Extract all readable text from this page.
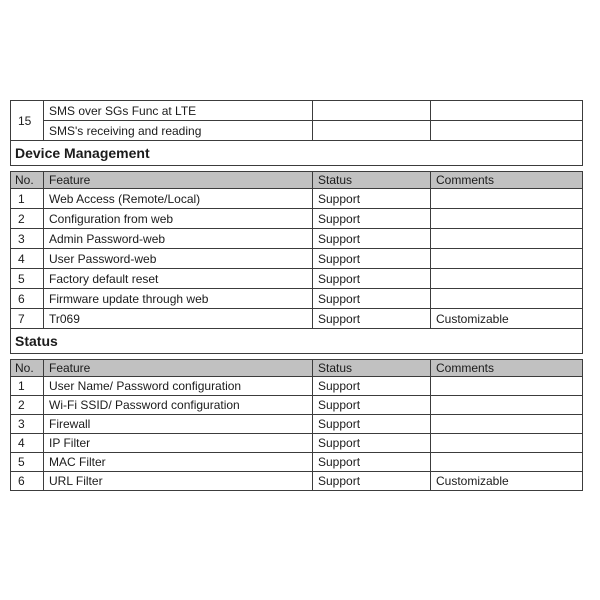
15	SMS over SGs Func at LTE		
	SMS's receiving and reading		
Device Management			
No.	Feature	Status	Comments
1	Web Access (Remote/Local)	Support	
2	Configuration from web	Support	
3	Admin Password-web	Support	
4	User Password-web	Support	
5	Factory default reset	Support	
6	Firmware update through web	Support	
7	Tr069	Support	Customizable
Status			
No.	Feature	Status	Comments
1	User Name/ Password configuration	Support	
2	Wi-Fi SSID/ Password configuration	Support	
3	Firewall	Support	
4	IP Filter	Support	
5	MAC Filter	Support	
6	URL Filter	Support	Customizable
